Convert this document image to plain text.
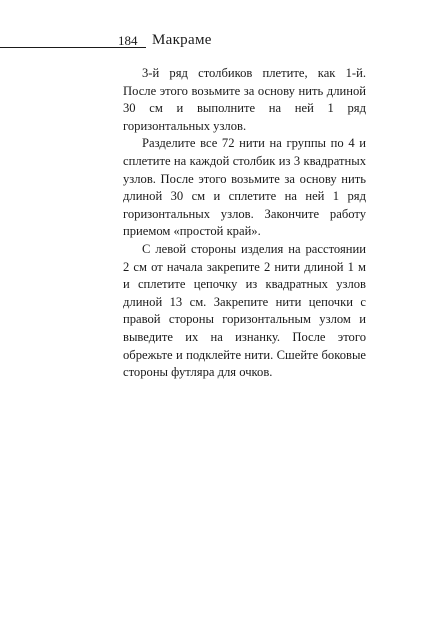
184 Макраме

3-й ряд столбиков плетите, как 1-й. После этого возьмите за основу нить длиной 30 см и выполните на ней 1 ряд горизонтальных узлов.

Разделите все 72 нити на группы по 4 и сплетите на каждой столбик из 3 квадратных узлов. После этого возьмите за основу нить длиной 30 см и сплетите на ней 1 ряд горизонтальных узлов. Закончите работу приемом «простой край».

С левой стороны изделия на расстоянии 2 см от начала закрепите 2 нити длиной 1 м и сплетите цепочку из квадратных узлов длиной 13 см. Закрепите нити цепочки с правой стороны горизонтальным узлом и выведите их на изнанку. После этого обрежьте и подклейте нити. Сшейте боковые стороны футляра для очков.
